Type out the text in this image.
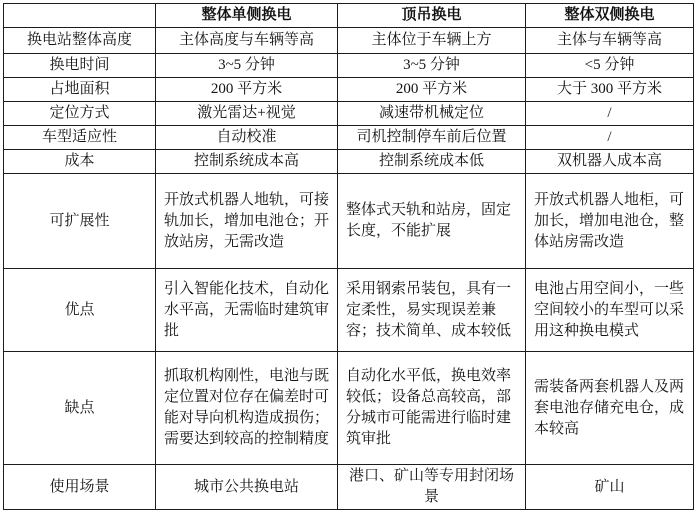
	整体单侧换电	顶吊换电	整体双侧换电
换电站整体高度	主体高度与车辆等高	主体位于车辆上方	主体与车辆等高
换电时间	3~5 分钟	3~5 分钟	<5 分钟
占地面积	200 平方米	200 平方米	大于 300 平方米
定位方式	激光雷达+视觉	减速带机械定位	/
车型适应性	自动校准	司机控制停车前后位置	/
成本	控制系统成本高	控制系统成本低	双机器人成本高
可扩展性	开放式机器人地轨，可接轨加长，增加电池仓；开放站房，无需改造	整体式天轨和站房，固定长度，不能扩展	开放式机器人地柜，可加长，增加电池仓，整体站房需改造
优点	引入智能化技术，自动化水平高，无需临时建筑审批	采用钢索吊装包，具有一定柔性，易实现误差兼容；技术简单、成本较低	电池占用空间小，一些空间较小的车型可以采用这种换电模式
缺点	抓取机构刚性，电池与既定位置对位存在偏差时可能对导向机构造成损伤；需要达到较高的控制精度	自动化水平低，换电效率较低；设备总高较高，部分城市可能需进行临时建筑审批	需装备两套机器人及两套电池存储充电仓，成本较高
使用场景	城市公共换电站	港口、矿山等专用封闭场景	矿山
